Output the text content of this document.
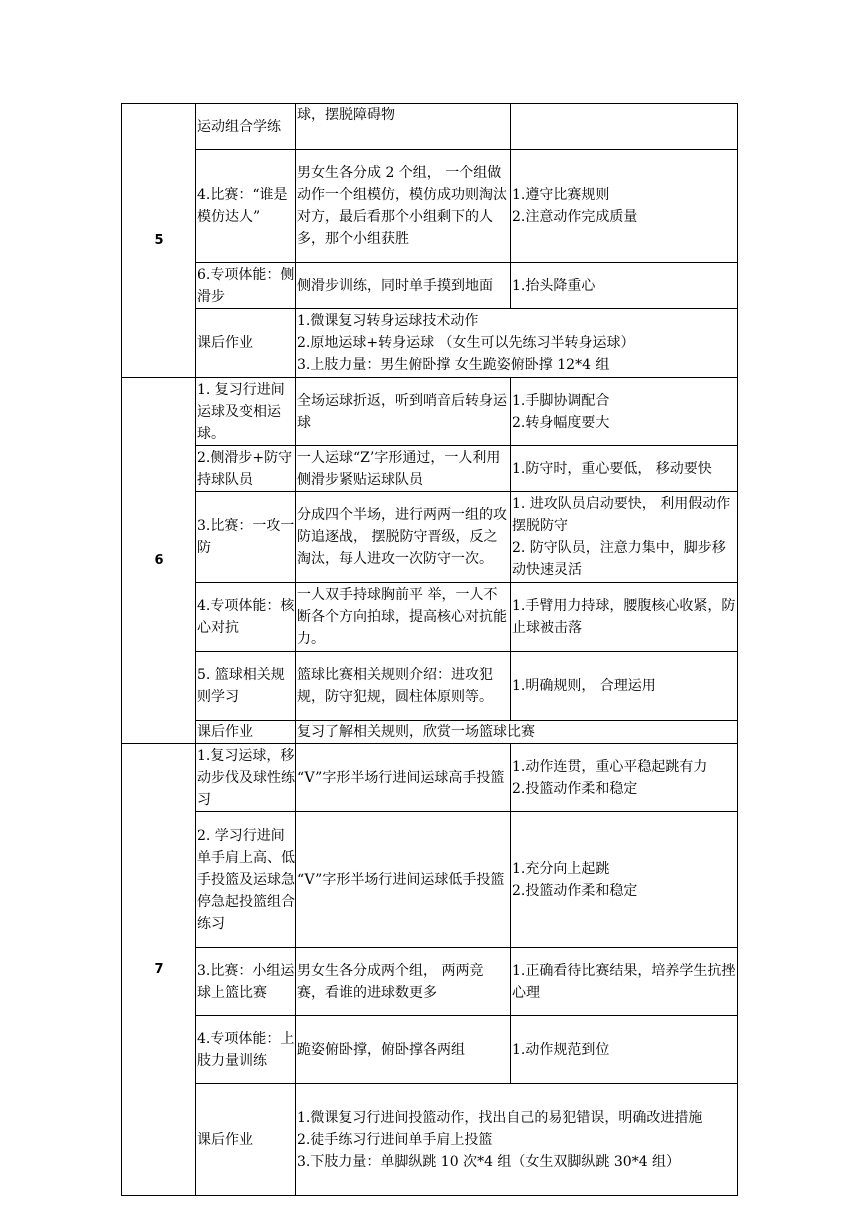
5	运动组合学练	球，摆脱障碍物	
	4.比赛：“谁是模仿达人”	男女生各分成 2 个组， 一个组做动作一个组模仿，模仿成功则淘汰对方，最后看那个小组剩下的人多，那个小组获胜	1.遵守比赛规则
2.注意动作完成质量

	6.专项体能：侧滑步	侧滑步训练，同时单手摸到地面	1.抬头降重心

	课后作业	1.微课复习转身运球技术动作
2.原地运球+转身运球 （女生可以先练习半转身运球）
3.上肢力量：男生俯卧撑 女生跪姿俯卧撑 12*4 组	

6	1. 复习行进间运球及变相运球。	全场运球折返，听到哨音后转身运球	1.手脚协调配合
2.转身幅度要大

	2.侧滑步+防守持球队员	一人运球“Z’字形通过，一人利用侧滑步紧贴运球队员	1.防守时，重心要低， 移动要快

	3.比赛：一攻一防	分成四个半场，进行两两一组的攻防追逐战， 摆脱防守晋级，反之淘汰，每人进攻一次防守一次。	1. 进攻队员启动要快， 利用假动作摆脱防守
2. 防守队员，注意力集中，脚步移动快速灵活

	4.专项体能：核心对抗	一人双手持球胸前平 举，一人不断各个方向拍球，提高核心对抗能力。	1.手臂用力持球，腰腹核心收紧，防止球被击落

	5. 篮球相关规则学习	篮球比赛相关规则介绍：进攻犯规，防守犯规，圆柱体原则等。	1.明确规则， 合理运用

	课后作业	复习了解相关规则，欣赏一场篮球比赛	

7	1.复习运球，移动步伐及球性练习	“V”字形半场行进间运球高手投篮	1.动作连贯，重心平稳起跳有力
2.投篮动作柔和稳定

	2. 学习行进间单手肩上高、低手投篮及运球急停急起投篮组合练习	“V”字形半场行进间运球低手投篮	1.充分向上起跳
2.投篮动作柔和稳定

	3.比赛：小组运球上篮比赛	男女生各分成两个组， 两两竞赛，看谁的进球数更多	1.正确看待比赛结果，培养学生抗挫心理

	4.专项体能：上肢力量训练	跪姿俯卧撑，俯卧撑各两组	1.动作规范到位

	课后作业	1.微课复习行进间投篮动作，找出自己的易犯错误，明确改进措施
2.徒手练习行进间单手肩上投篮
3.下肢力量：单脚纵跳 10 次*4 组（女生双脚纵跳 30*4 组）	
